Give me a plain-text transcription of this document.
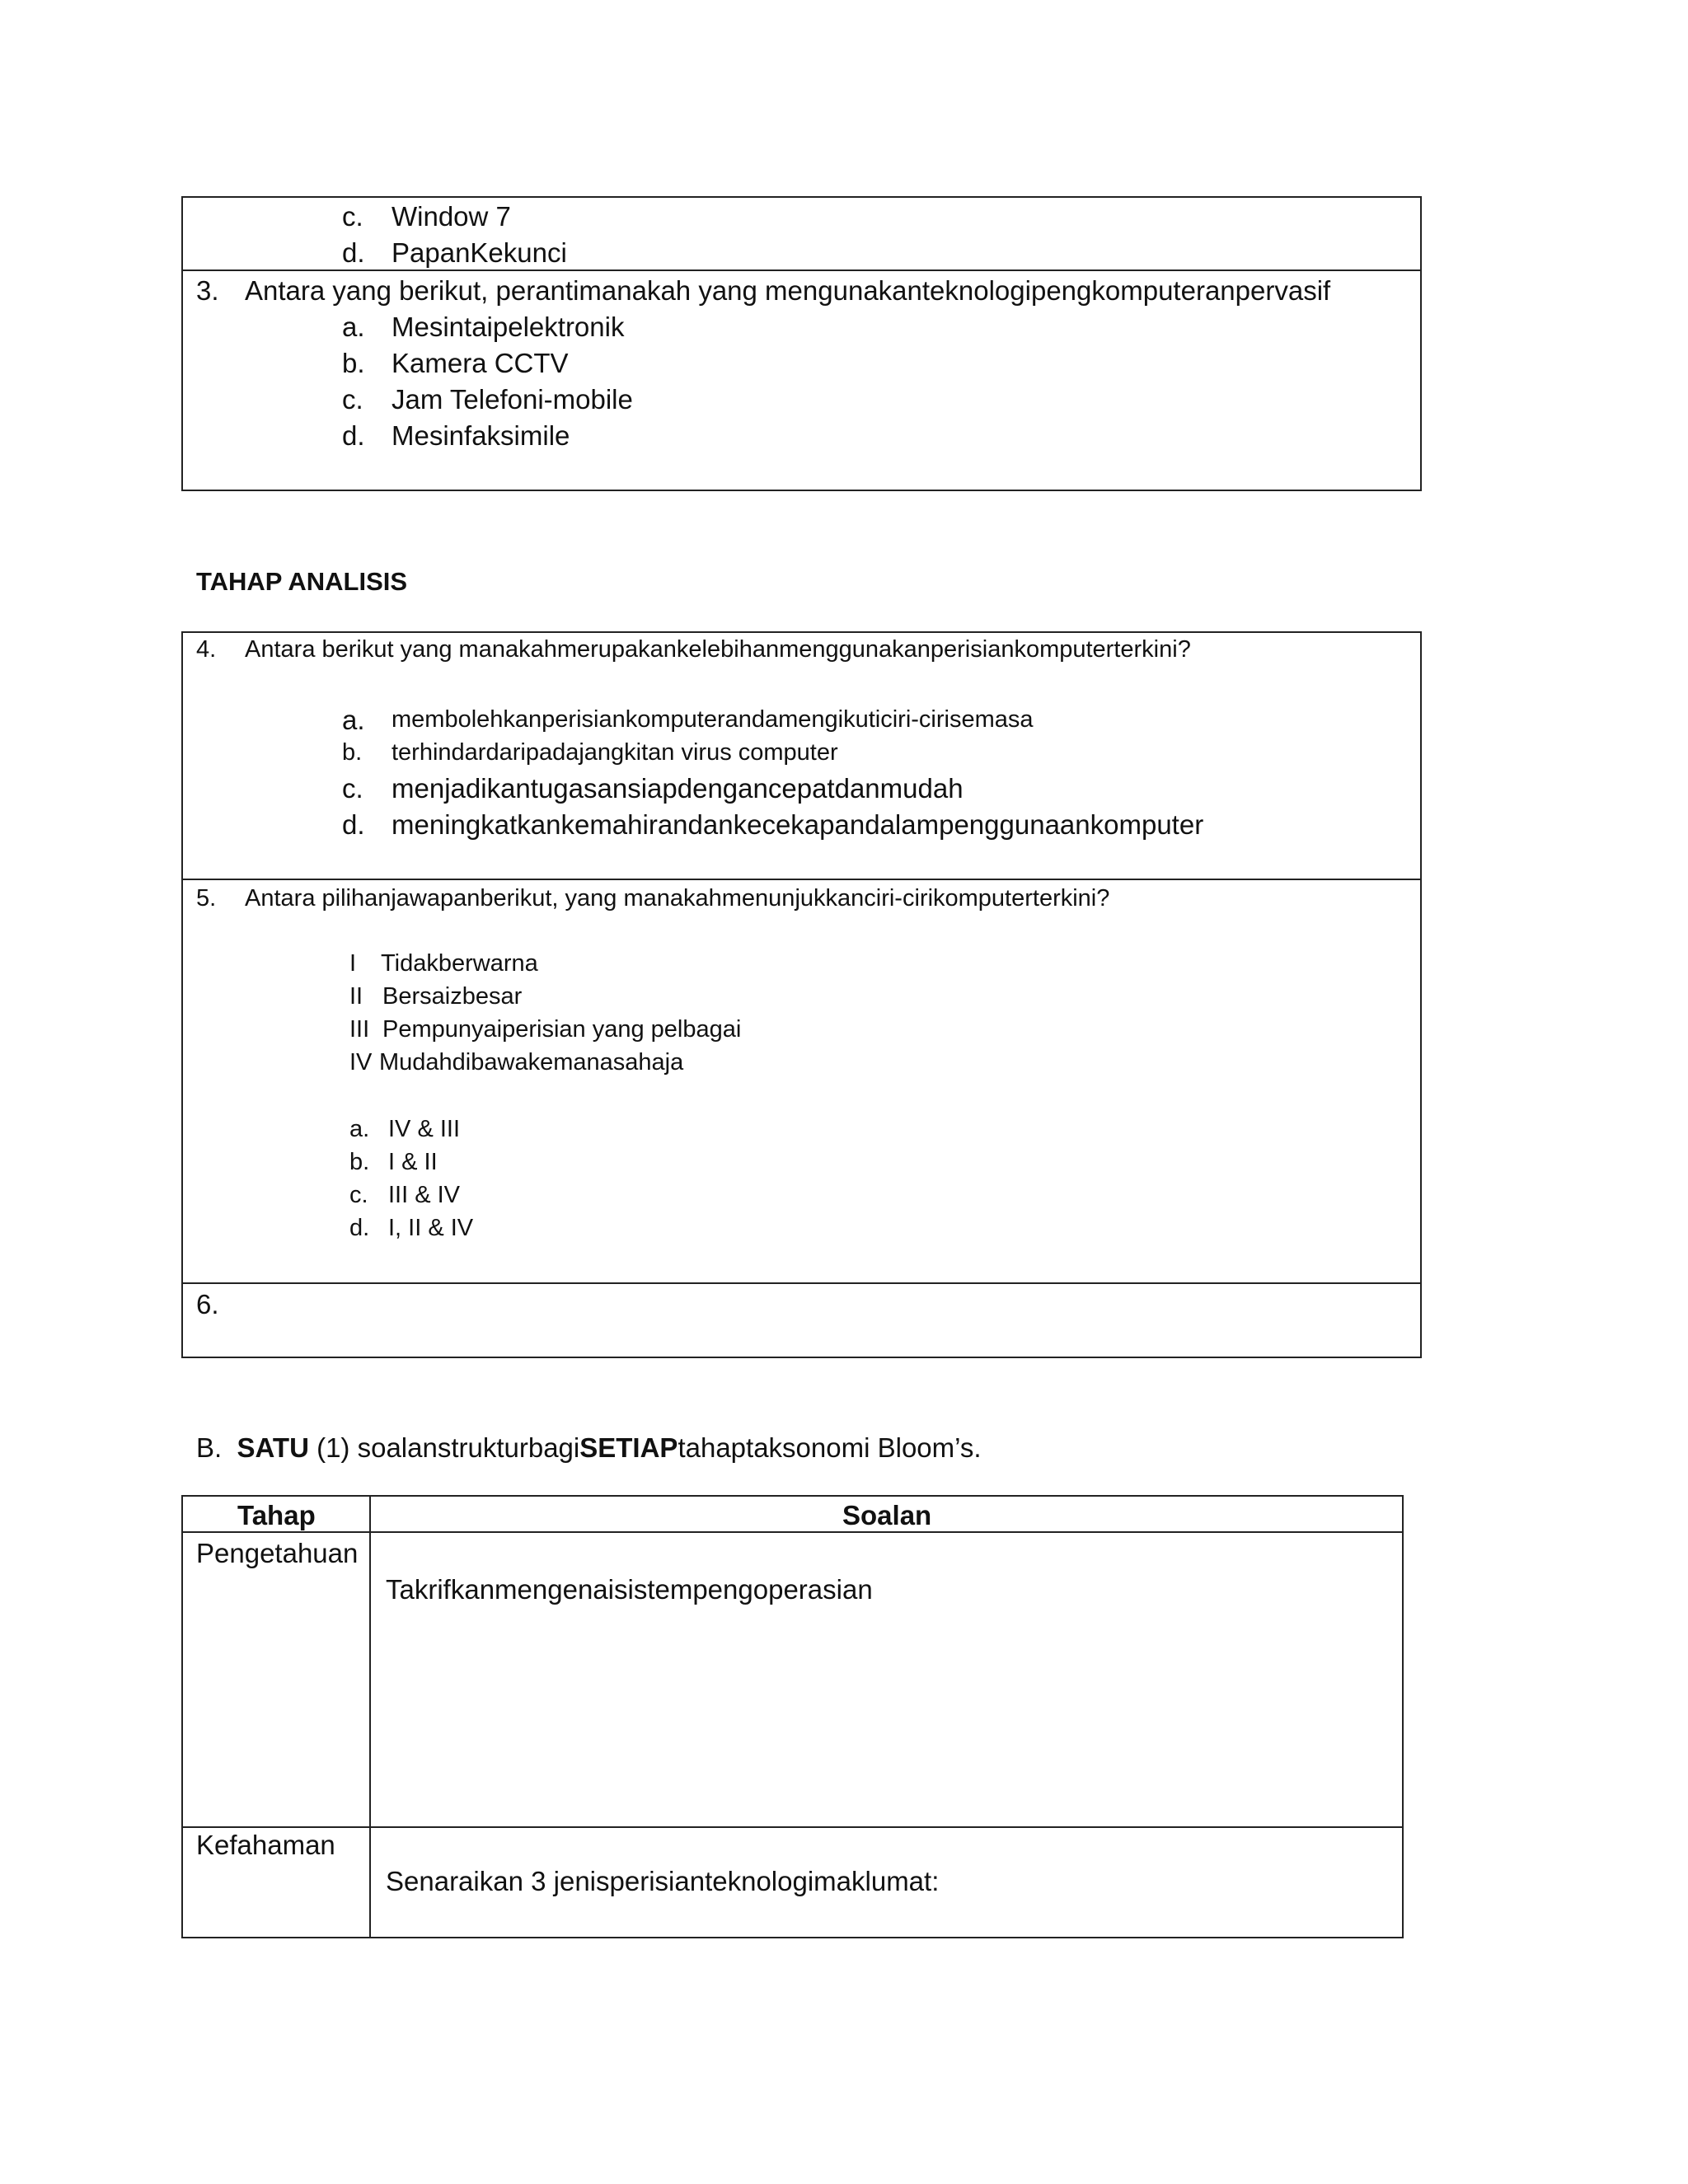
c. Window 7
d. PapanKekunci
3. Antara yang berikut, perantimanakah yang mengunakanteknologipengkomputeranpervasif
a. Mesintaipelektronik
b. Kamera CCTV
c. Jam Telefoni-mobile
d. Mesinfaksimile
TAHAP ANALISIS
4. Antara berikut yang manakahmerupakankelebihanmenggunakanperisiankomputerterkini?
a. membolehkanperisiankomputerandamengikuticiri-cirisemasa
b. terhindardaripadajangkitan virus computer
c. menjadikantugasansiapdengancepatdanmudah
d. meningkatkankemahirandankecekapandalampenggunaankomputer
5. Antara pilihanjawapanberikut, yang manakahmenunjukkanciri-cirikomputerterkini?
I Tidakberwarna
II Bersaizbesar
III Pempunyaiperisian yang pelbagai
IV Mudahdibawakemanasahaja
a. IV & III
b. I & II
c. III & IV
d. I, II & IV
6.
B. SATU (1) soalanstrukturbagiSETIAPtahaptaksonomi Bloom’s.
Tahap	Soalan
Pengetahuan
Takrifkanmengenaisistempengoperasian
Kefahaman
Senaraikan 3 jenisperisianteknologimaklumat:
